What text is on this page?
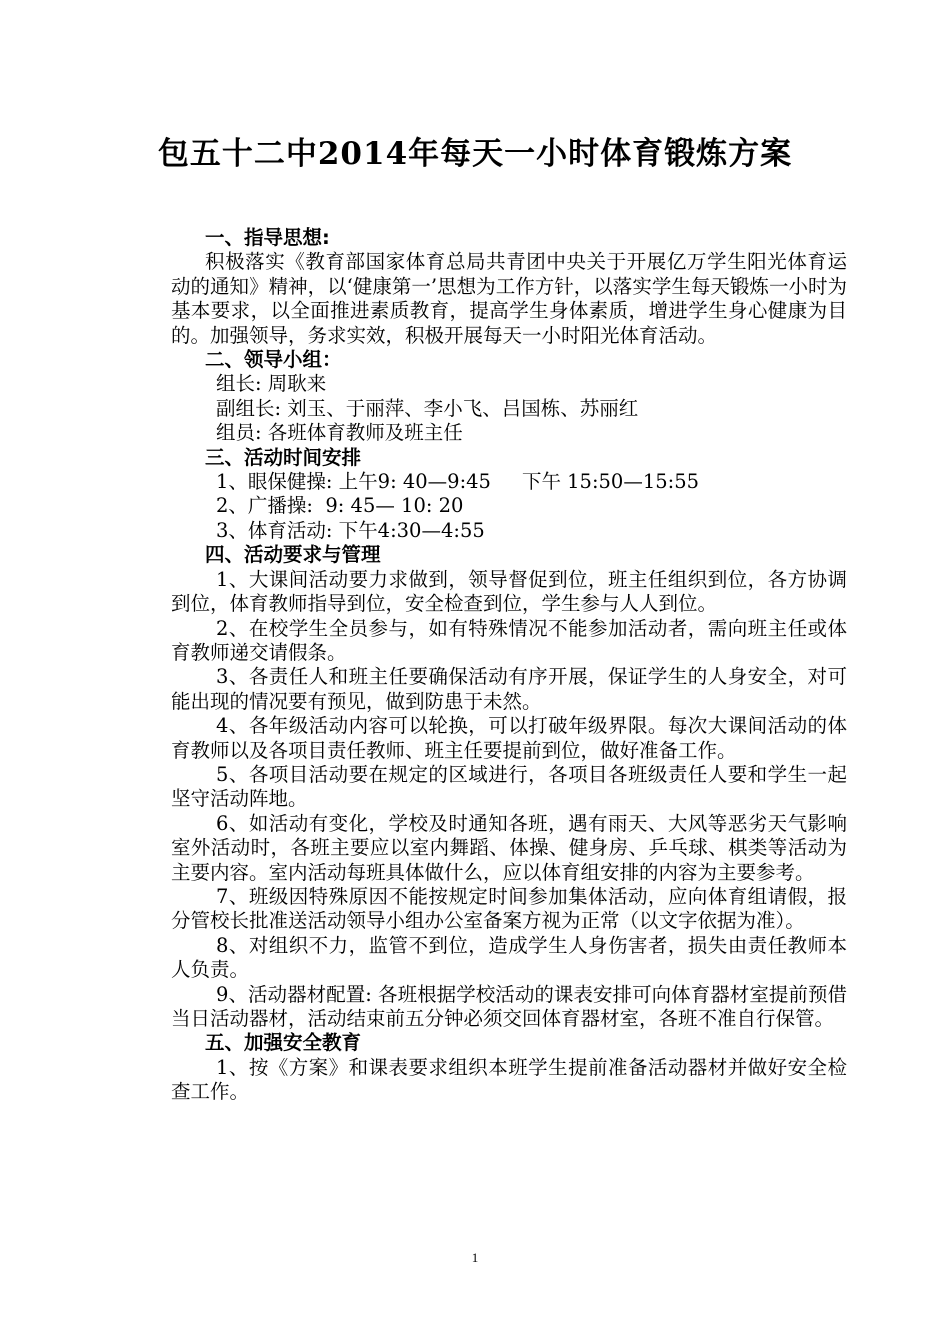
包五十二中2014年每天一小时体育锻炼方案

一、指导思想:

积极落实《教育部国家体育总局共青团中央关于开展亿万学生阳光体育运动的通知》精神，以‘健康第一’思想为工作方针，以落实学生每天锻炼一小时为基本要求，以全面推进素质教育，提高学生身体素质，增进学生身心健康为目的。加强领导，务求实效，积极开展每天一小时阳光体育活动。

二、领导小组：

组长: 周耿来

副组长: 刘玉、于丽萍、李小飞、吕国栋、苏丽红

组员: 各班体育教师及班主任

三、活动时间安排

1、眼保健操: 上午9: 40—9:45     下午 15:50—15:55

2、广播操:  9: 45— 10: 20

3、体育活动: 下午4:30—4:55

四、活动要求与管理

1、大课间活动要力求做到，领导督促到位，班主任组织到位，各方协调到位，体育教师指导到位，安全检查到位，学生参与人人到位。

2、在校学生全员参与，如有特殊情况不能参加活动者，需向班主任或体育教师递交请假条。

3、各责任人和班主任要确保活动有序开展，保证学生的人身安全，对可能出现的情况要有预见，做到防患于未然。

4、各年级活动内容可以轮换，可以打破年级界限。每次大课间活动的体育教师以及各项目责任教师、班主任要提前到位，做好准备工作。

5、各项目活动要在规定的区域进行，各项目各班级责任人要和学生一起坚守活动阵地。

6、如活动有变化，学校及时通知各班，遇有雨天、大风等恶劣天气影响室外活动时，各班主要应以室内舞蹈、体操、健身房、乒乓球、棋类等活动为主要内容。室内活动每班具体做什么，应以体育组安排的内容为主要参考。

7、班级因特殊原因不能按规定时间参加集体活动，应向体育组请假，报分管校长批准送活动领导小组办公室备案方视为正常（以文字依据为准）。

8、对组织不力，监管不到位，造成学生人身伤害者，损失由责任教师本人负责。

9、活动器材配置: 各班根据学校活动的课表安排可向体育器材室提前预借当日活动器材，活动结束前五分钟必须交回体育器材室，各班不准自行保管。

五、加强安全教育

1、按《方案》和课表要求组织本班学生提前准备活动器材并做好安全检查工作。

1
